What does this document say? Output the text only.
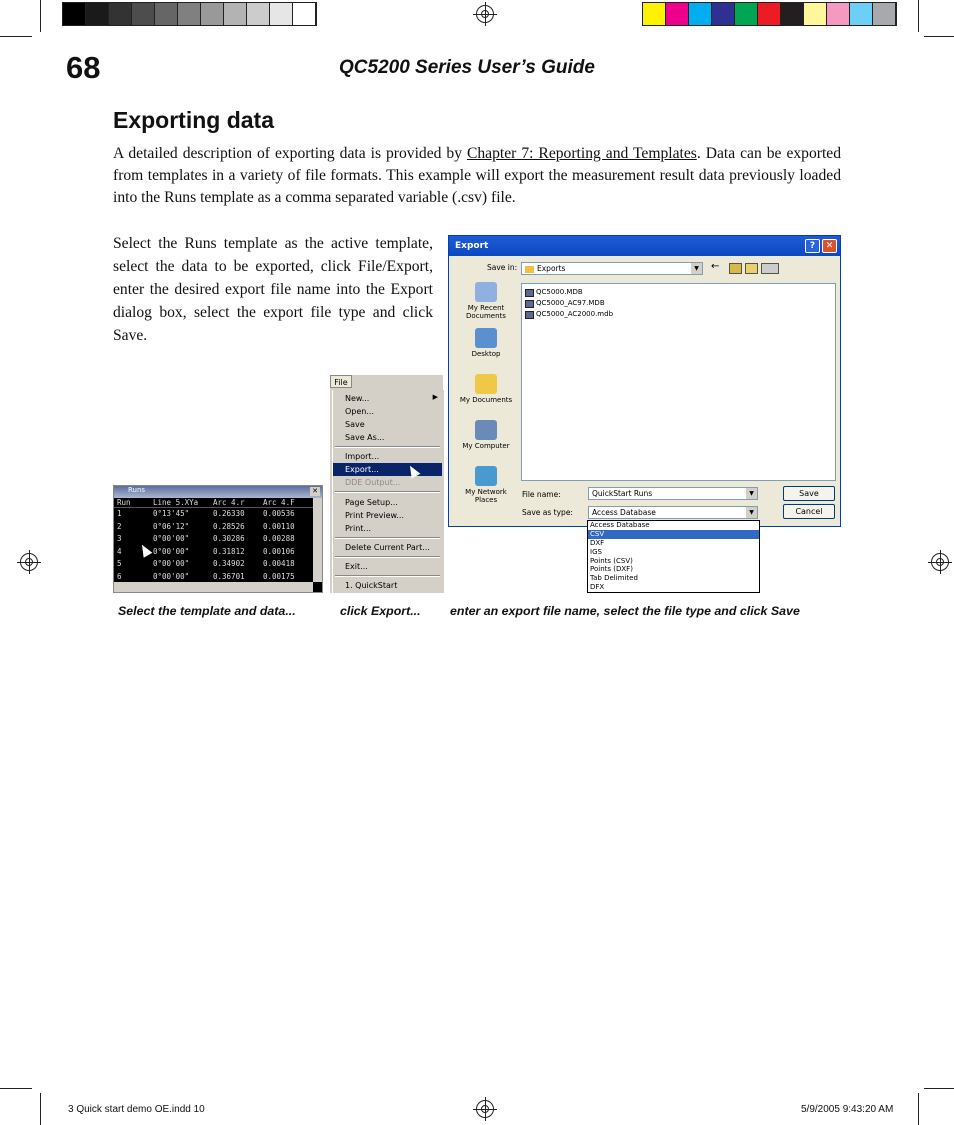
68	QC5200 Series User’s Guide
Exporting data
A detailed description of exporting data is provided by Chapter 7: Reporting and Templates. Data can be exported from templates in a variety of file formats. This example will export the measurement result data previously loaded into the Runs template as a comma separated variable (.csv) file.
Select the Runs template as the active template, select the data to be exported, click File/Export, enter the desired export file name into the Export dialog box, select the export file type and click Save.
Runs	✕
Run	Line 5.XYa	Arc 4.r	Arc 4.F
1	0°13'45"	0.26330	0.00536
2	0°06'12"	0.28526	0.00110
3	0°00'00"	0.30286	0.00288
4	0°00'00"	0.31812	0.00106
5	0°00'00"	0.34902	0.00418
6	0°00'00"	0.36701	0.00175
File
New...
Open...
Save
Save As...
Import...
Export...
DDE Output...
Page Setup...
Print Preview...
Print...
Delete Current Part...
Exit...
1. QuickStart
▶
Export	?	✕
Save in:	Exports	▼	←
My Recent Documents
Desktop
My Documents
My Computer
My Network Places
QC5000.MDB
QC5000_AC97.MDB
QC5000_AC2000.mdb
File name:	QuickStart Runs	▼
Save as type:	Access Database	▼
Save
Cancel
Access Database
CSV
DXF
IGS
Points (CSV)
Points (DXF)
Tab Delimited
DFX
Select the template and data...	click Export... enter an export file name, select the file type and click Save
3 Quick start demo OE.indd 10	5/9/2005 9:43:20 AM
